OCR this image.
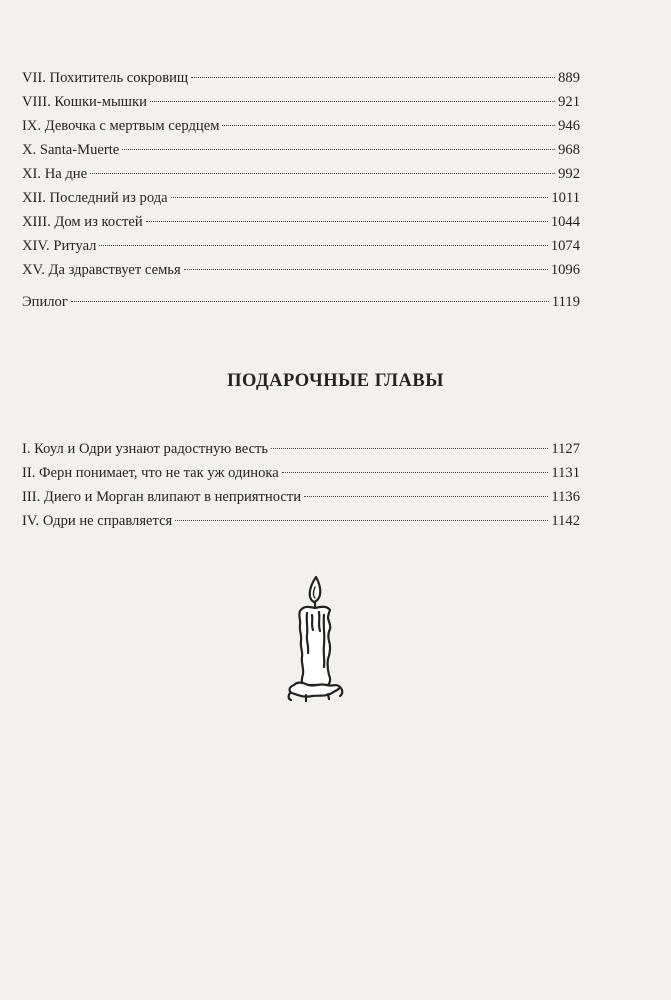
VII. Похититель сокровищ	889
VIII. Кошки-мышки	921
IX. Девочка с мертвым сердцем	946
X. Santa-Muerte	968
XI. На дне	992
XII. Последний из рода	1011
XIII. Дом из костей	1044
XIV. Ритуал	1074
XV. Да здравствует семья	1096
Эпилог	1119
ПОДАРОЧНЫЕ ГЛАВЫ
I. Коул и Одри узнают радостную весть	1127
II. Ферн понимает, что не так уж одинока	1131
III. Диего и Морган влипают в неприятности	1136
IV. Одри не справляется	1142
